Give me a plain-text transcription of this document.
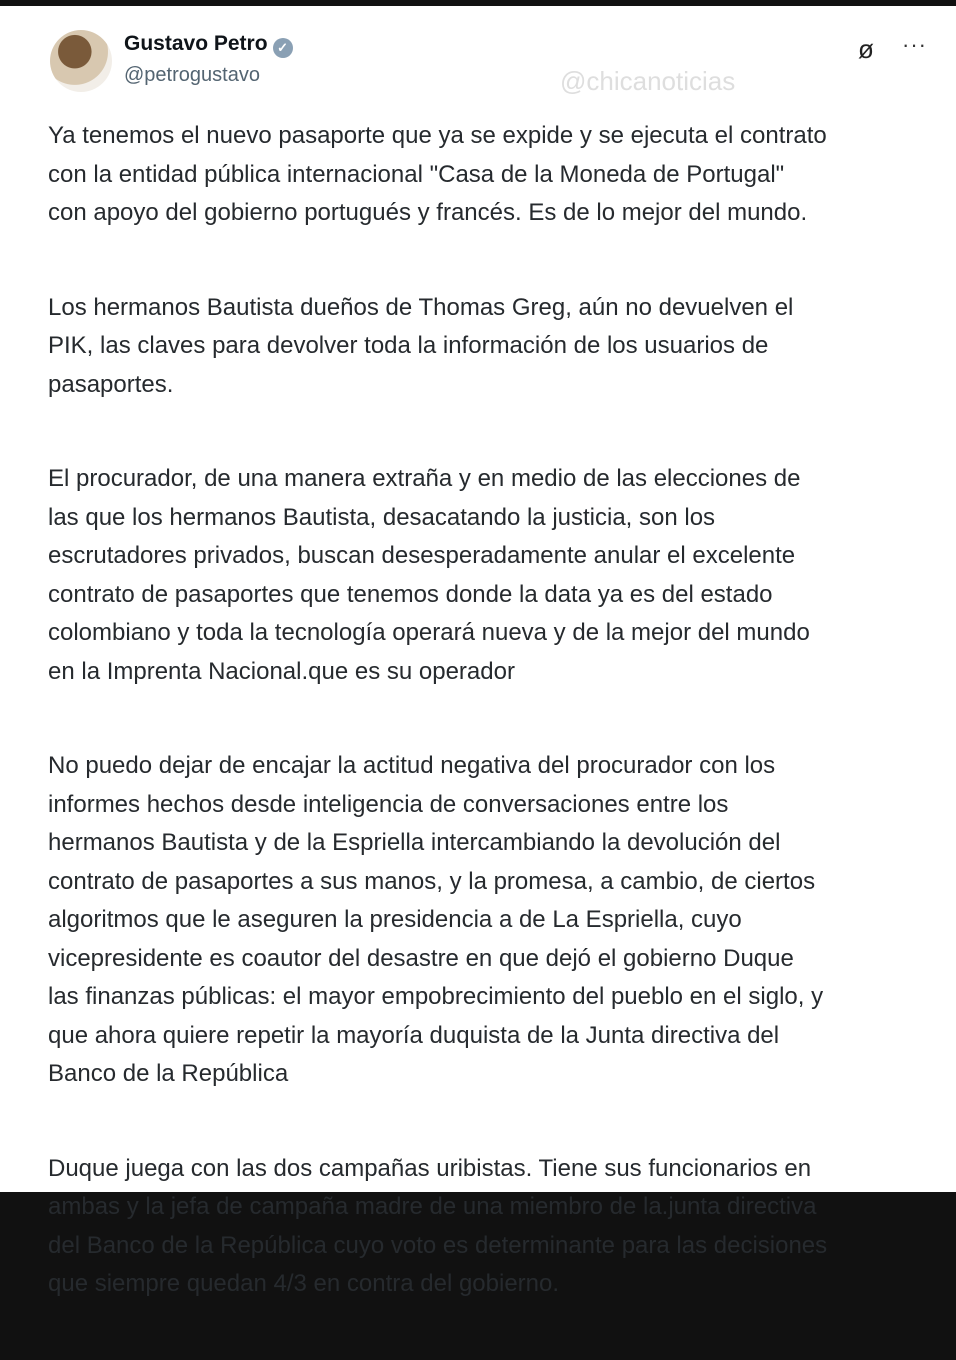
Gustavo Petro ✓
@petrogustavo
ø ···

Ya tenemos el nuevo pasaporte que ya se expide y se ejecuta el contrato
con la entidad pública internacional "Casa de la Moneda de Portugal"
con apoyo del gobierno portugués y francés. Es de lo mejor del mundo.

Los hermanos Bautista dueños de Thomas Greg, aún no devuelven el
PIK, las claves para devolver toda la información de los usuarios de
pasaportes.

El procurador, de una manera extraña y en medio de las elecciones de
las que los hermanos Bautista, desacatando la justicia, son los
escrutadores privados, buscan desesperadamente anular el excelente
contrato de pasaportes que tenemos donde la data ya es del estado
colombiano y toda la tecnología operará nueva y de la mejor del mundo
en la Imprenta Nacional.que es su operador

No puedo dejar de encajar la actitud negativa del procurador con los
informes hechos desde inteligencia de conversaciones entre los
hermanos Bautista y de la Espriella intercambiando la devolución del
contrato de pasaportes a sus manos, y la promesa, a cambio, de ciertos
algoritmos que le aseguren la presidencia a de La Espriella, cuyo
vicepresidente es coautor del desastre en que dejó el gobierno Duque
las finanzas públicas: el mayor empobrecimiento del pueblo en el siglo, y
que ahora quiere repetir la mayoría duquista de la Junta directiva del
Banco de la República

Duque juega con las dos campañas uribistas. Tiene sus funcionarios en
ambas y la jefa de campaña madre de una miembro de la.junta directiva
del Banco de la República cuyo voto es determinante para las decisiones
que siempre quedan 4/3 en contra del gobierno.

@chicanoticias
